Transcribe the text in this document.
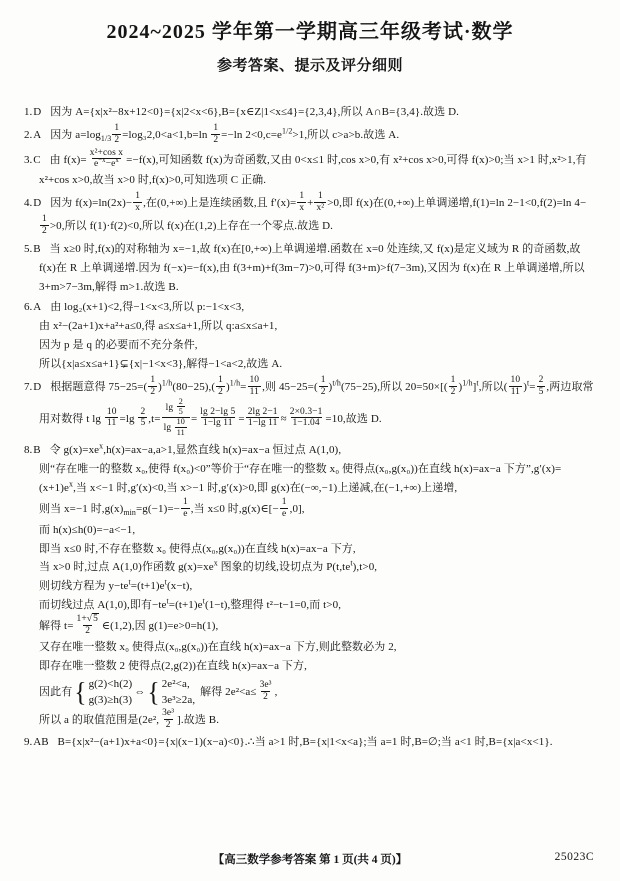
2024~2025 学年第一学期高三年级考试·数学
参考答案、提示及评分细则
1.D 因为 A={x|x²−8x+12<0}={x|2<x<6},B={x∈Z|1<x≤4}={2,3,4},所以 A∩B={3,4}.故选 D.
2.A 因为 $a=\log_{1/3} \frac{1}{2} =\log_32,0<a<1,b=\ln \frac{1}{2} =-\ln$ $2<0,c=e^{1/2}>1$,所以 c>a>b.故选 A.
3.C 由 $f(x)= \frac{\text{x²+cos x}}{e^{-x}-e^x} =-f(x)$,可知函数 f(x)为奇函数,又由 0<x≤1 时,cos x>0,有 x²+cos x>0,可得 f(x)>0;当 x>1 时,x²>1,有 x²+cos x>0,故当 x>0 时,f(x)>0,可知选项 C 正确.
4.D 因为 $f(x)=\ln(2x)- \frac{1}{x}$ ,在(0,+∞)上是连续函数,且 $f'(x)= \frac{1}{x} + \frac{1}{\text{x²}} >0$,即 f(x)在(0,+∞)上单调递增,f(1)=ln 2−1<0,f(2)=ln 4−
$\frac{1}{2} >0$,所以 f(1)·f(2)<0,所以 f(x)在(1,2)上存在一个零点.故选 D.
5.B 当 x≥0 时,f(x)的对称轴为 x=−1,故 f(x)在[0,+∞)上单调递增.函数在 x=0 处连续,又 f(x)是定义域为 R 的奇函数,故 f(x)在 R 上单调递增.因为 f(−x)=−f(x),由 f(3+m)+f(3m−7)>0,可得 f(3+m)>f(7−3m),又因为 f(x)在 R 上单调递增,所以 3+m>7−3m,解得 m>1.故选 B.
6.A 由 log₂(x+1)<2,得−1<x<3,所以 p:−1<x<3,
由 x²−(2a+1)x+a²+a≤0,得 a≤x≤a+1,所以 q:a≤x≤a+1,
因为 p 是 q 的必要而不充分条件,
所以{x|a≤x≤a+1}⊊{x|−1<x<3},解得−1<a<2,故选 A.
7.D 根据题意得 $75-25=( \frac{1}{2} )^{1/h}(80-25),( \frac{1}{2} )^{1/h}= \frac{10}{11}$ ,则 $45-25=( \frac{1}{2} )^{t/h}(75-25)$,所以 $20=50\times[( \frac{1}{2} )^{1/h}]^t$,所以( $\frac{10}{11} )^t= \frac{2}{5}$ ,两边取常用对数得 t $\lg \frac{10}{11} =\lg \frac{2}{5} ,t= \frac{\lg \frac{2}{5}}{\lg \frac{10}{11}} = \frac{\lg 2-\lg 5}{1-\lg 11} = \frac{2\lg 2-1}{1-\lg 11} \approx \frac{2\times 0.3-1}{1-1.04} =10$,故选 D.
8.B 令 $g(x)=xe^x,h(x)=ax-a,a>1$,显然直线 h(x)=ax−a 恒过点 A(1,0),
则“存在唯一的整数 x₀,使得 f(x₀)<0”等价于“存在唯一的整数 x₀ 使得点(x₀,g(x₀))在直线 h(x)=ax−a 下方$”,g'(x)=(x+1)e^x$,当 x<−1 时,g′(x)<0,当 x>−1 时,g′(x)>0,即 g(x)在(−∞,−1)上递减,在(−1,+∞)上递增,
则当 x=−1 时$,g(x)_{min}=g(-1)=- \frac{1}{e}$ ,当 x≤0 时,g(x)∈[− $\frac{1}{e} ,0$],
而 h(x)≤h(0)=−a<−1,
即当 x≤0 时,不存在整数 x₀ 使得点(x₀,g(x₀))在直线 h(x)=ax−a 下方,
当 x>0 时,过点 A(1,0)作函数 $g(x)=xe^x$ 图象的切线,设切点为 $P(t,te^t),t>0$,
则切线方程为 $y-te^t=(t+1)e^t(x-t)$,
而切线过点 A(1,0),即有$-te^t=(t+1)e^t(1-t)$,整理得 t²−t−1=0,而 t>0,
解得 $t= \frac{1+√5}{2}$ ∈(1,2),因 g(1)=e>0=h(1),
又存在唯一整数 x₀ 使得点(x₀,g(x₀))在直线 h(x)=ax−a 下方,则此整数必为 2,
即存在唯一整数 2 使得点(2,g(2))在直线 h(x)=ax−a 下方,
因此有 { g(2)<h(2)
g(3)≥h(3)
⇔ { 2e²<a,
3e³≥2a,
解得 $2e^2<a\le \frac{\text{3e³}}{2}$ ,
所以 a 的取值范围是(2e², $\frac{\text{3e³}}{2}$ ].故选 B.
9.AB B={x|x²−(a+1)x+a<0}={x|(x−1)(x−a)<0}.∴当 a>1 时,B={x|1<x<a};当 a=1 时,B=∅;当 a<1 时,B={x|a<x<1}.
【高三数学参考答案 第 1 页(共 4 页)】	25023C
